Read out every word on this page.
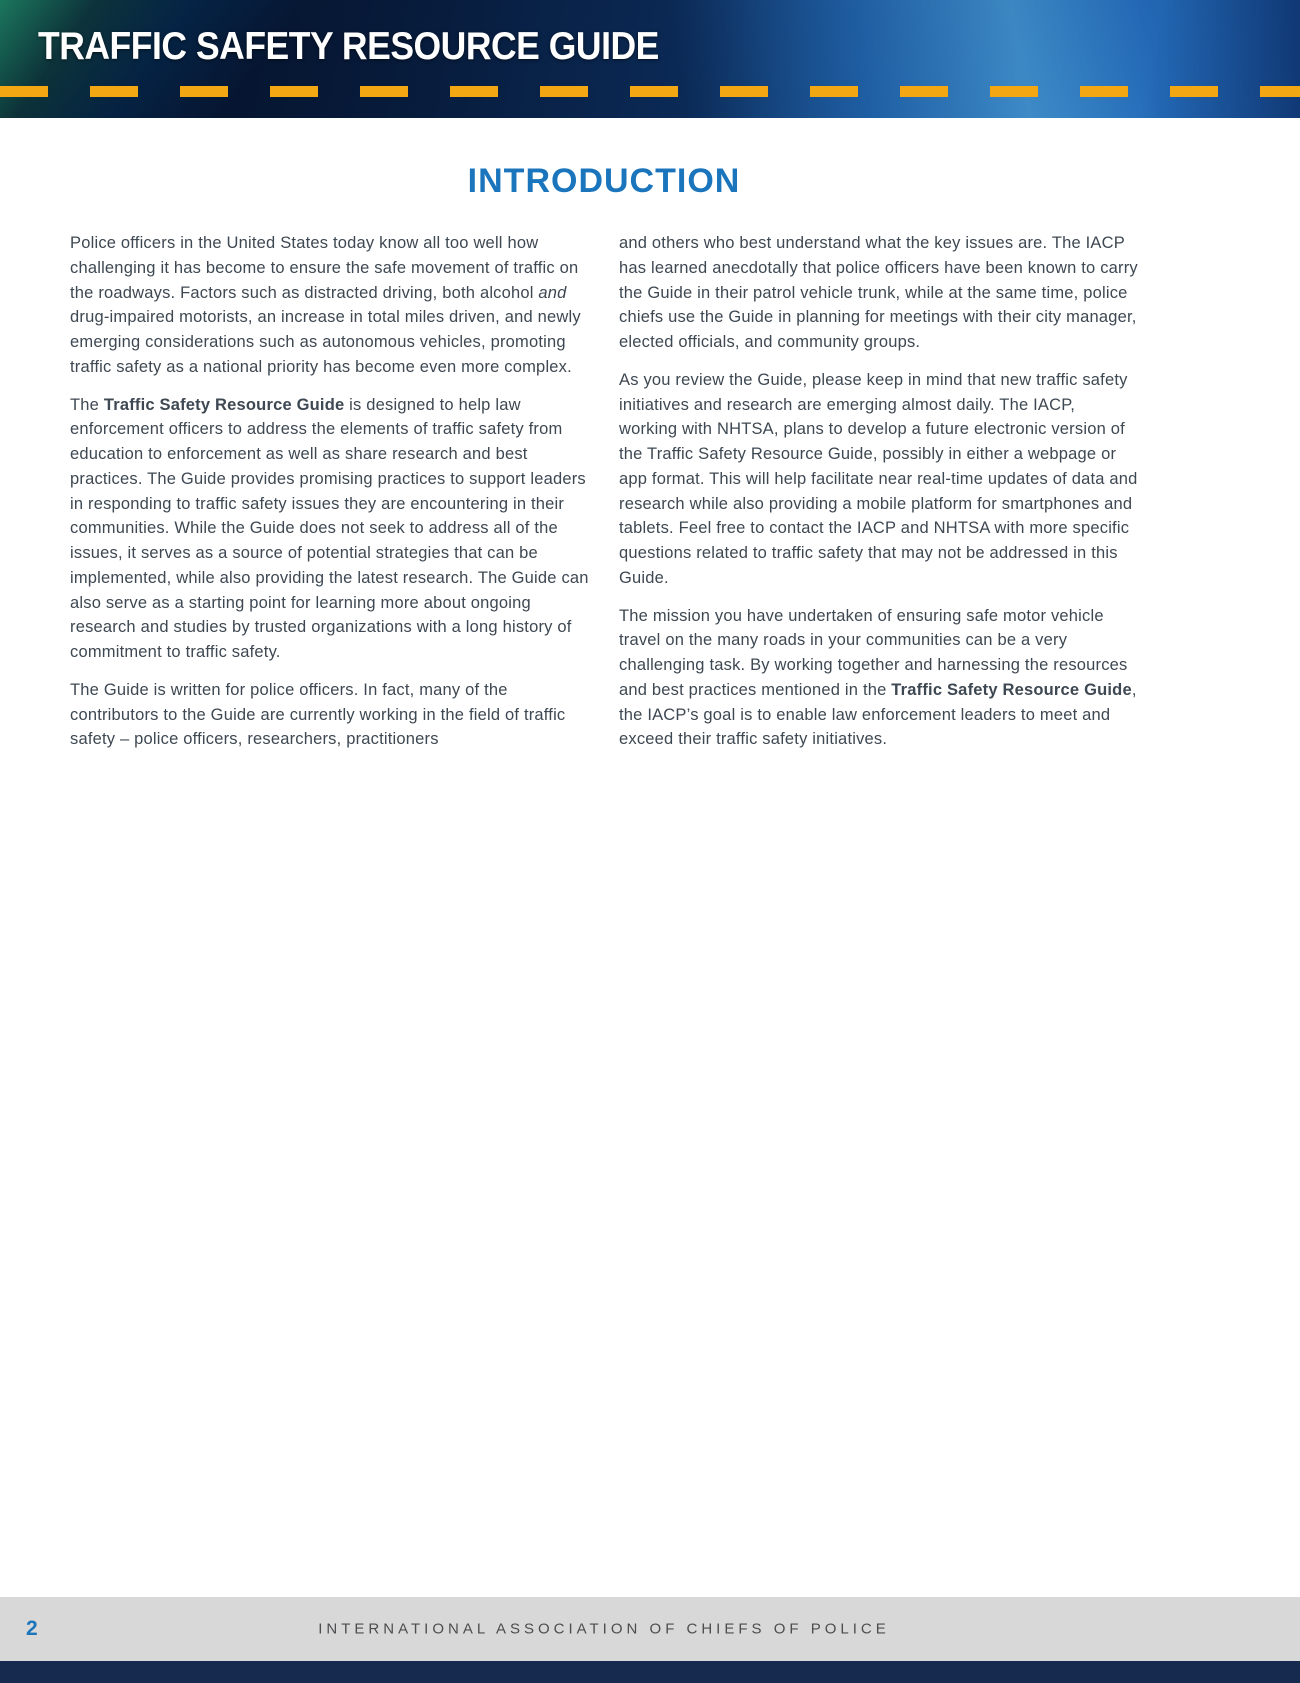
TRAFFIC SAFETY RESOURCE GUIDE
INTRODUCTION

Police officers in the United States today know all too well how challenging it has become to ensure the safe movement of traffic on the roadways. Factors such as distracted driving, both alcohol and drug-impaired motorists, an increase in total miles driven, and newly emerging considerations such as autonomous vehicles, promoting traffic safety as a national priority has become even more complex.

The Traffic Safety Resource Guide is designed to help law enforcement officers to address the elements of traffic safety from education to enforcement as well as share research and best practices. The Guide provides promising practices to support leaders in responding to traffic safety issues they are encountering in their communities. While the Guide does not seek to address all of the issues, it serves as a source of potential strategies that can be implemented, while also providing the latest research. The Guide can also serve as a starting point for learning more about ongoing research and studies by trusted organizations with a long history of commitment to traffic safety.

The Guide is written for police officers. In fact, many of the contributors to the Guide are currently working in the field of traffic safety – police officers, researchers, practitioners

and others who best understand what the key issues are. The IACP has learned anecdotally that police officers have been known to carry the Guide in their patrol vehicle trunk, while at the same time, police chiefs use the Guide in planning for meetings with their city manager, elected officials, and community groups.

As you review the Guide, please keep in mind that new traffic safety initiatives and research are emerging almost daily. The IACP, working with NHTSA, plans to develop a future electronic version of the Traffic Safety Resource Guide, possibly in either a webpage or app format. This will help facilitate near real-time updates of data and research while also providing a mobile platform for smartphones and tablets. Feel free to contact the IACP and NHTSA with more specific questions related to traffic safety that may not be addressed in this Guide.

The mission you have undertaken of ensuring safe motor vehicle travel on the many roads in your communities can be a very challenging task. By working together and harnessing the resources and best practices mentioned in the Traffic Safety Resource Guide, the IACP’s goal is to enable law enforcement leaders to meet and exceed their traffic safety initiatives.

2	INTERNATIONAL ASSOCIATION OF CHIEFS OF POLICE
